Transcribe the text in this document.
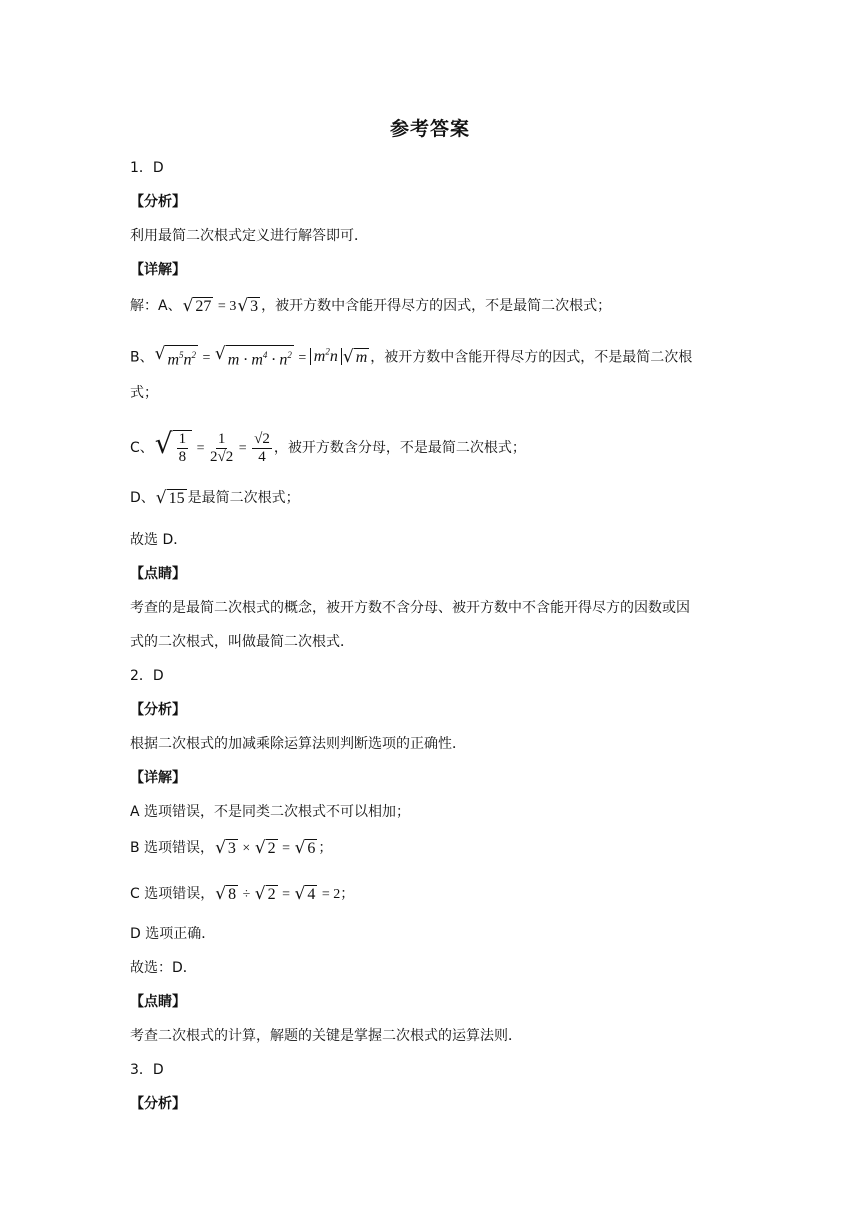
参考答案
1．D
【分析】
利用最简二次根式定义进行解答即可．
【详解】
解：A、 √ 27 = 3 √ 3 ，被开方数中含能开得尽方的因式，不是最简二次根式；
B、 √ $m^5n^2$ = √ $m \cdot m^4 \cdot n^2 = m^2n$ √ m ，被开方数中含能开得尽方的因式，不是最简二次根
式；
C、 √ $\frac{1}{8} = \frac{1}{2√2} = \frac{√2}{4}$ ，被开方数含分母，不是最简二次根式；
D、 √ 15 是最简二次根式；
故选 D．
【点睛】
考查的是最简二次根式的概念，被开方数不含分母、被开方数中不含能开得尽方的因数或因
式的二次根式，叫做最简二次根式．
2．D
【分析】
根据二次根式的加减乘除运算法则判断选项的正确性．
【详解】
A 选项错误，不是同类二次根式不可以相加；
B 选项错误， √ 3 × √ 2 = √ 6 ；
C 选项错误， √ 8 ÷ √ 2 = √ 4 = 2；
D 选项正确．
故选：D．
【点睛】
考查二次根式的计算，解题的关键是掌握二次根式的运算法则．
3．D
【分析】
